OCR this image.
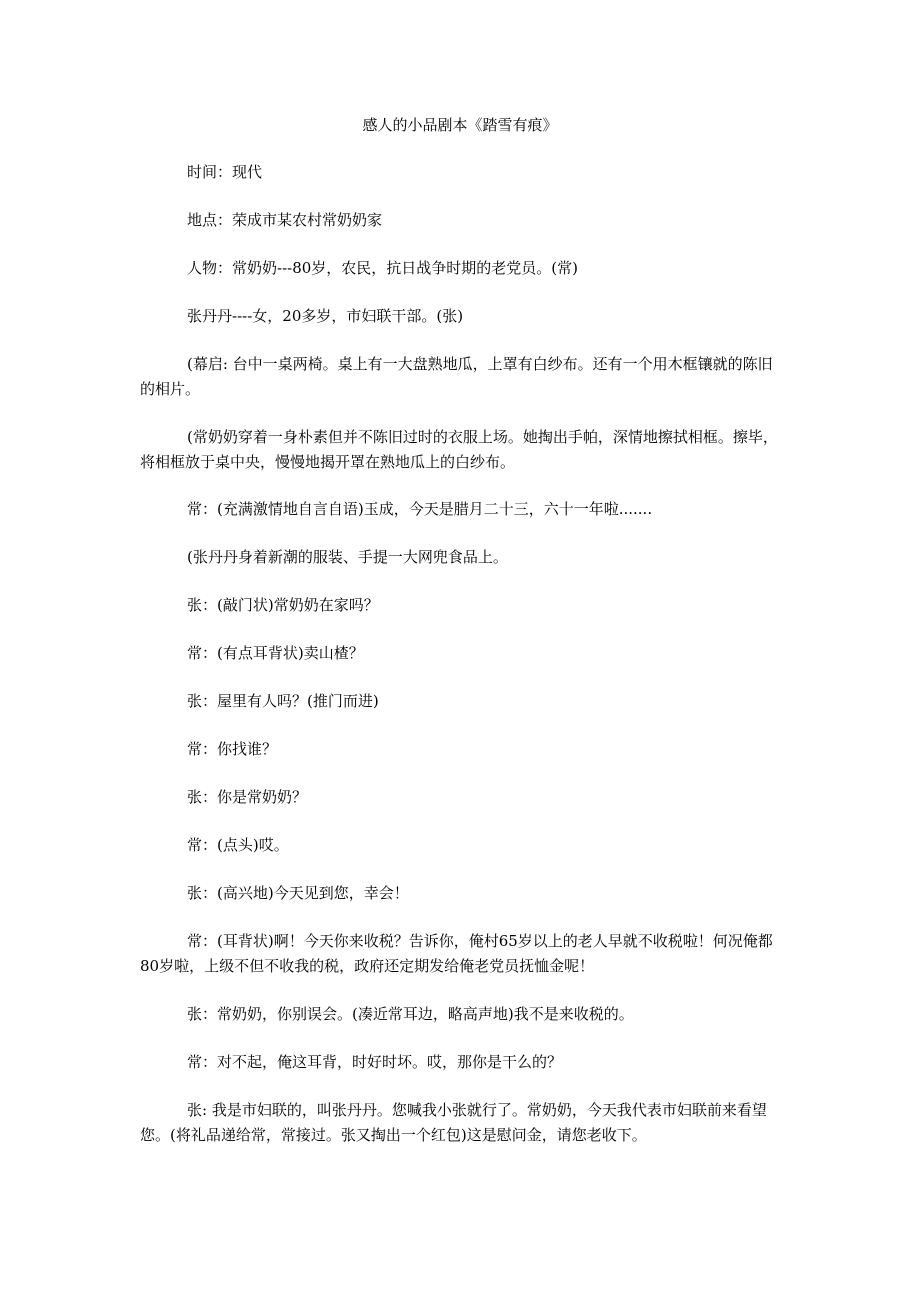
感人的小品剧本《踏雪有痕》

时间：现代

地点：荣成市某农村常奶奶家

人物：常奶奶---80岁，农民，抗日战争时期的老党员。(常)

张丹丹----女，20多岁，市妇联干部。(张)

(幕启: 台中一桌两椅。桌上有一大盘熟地瓜，上罩有白纱布。还有一个用木框镶就的陈旧的相片。

(常奶奶穿着一身朴素但并不陈旧过时的衣服上场。她掏出手帕，深情地擦拭相框。擦毕，将相框放于桌中央，慢慢地揭开罩在熟地瓜上的白纱布。

常：(充满激情地自言自语)玉成，今天是腊月二十三，六十一年啦.......

(张丹丹身着新潮的服装、手提一大网兜食品上。

张：(敲门状)常奶奶在家吗？

常：(有点耳背状)卖山楂？

张：屋里有人吗？(推门而进)

常：你找谁？

张：你是常奶奶？

常：(点头)哎。

张：(高兴地)今天见到您，幸会！

常：(耳背状)啊！今天你来收税？告诉你，俺村65岁以上的老人早就不收税啦！何况俺都80岁啦，上级不但不收我的税，政府还定期发给俺老党员抚恤金呢！

张：常奶奶，你别误会。(凑近常耳边，略高声地)我不是来收税的。

常：对不起，俺这耳背，时好时坏。哎，那你是干么的？

张: 我是市妇联的，叫张丹丹。您喊我小张就行了。常奶奶，今天我代表市妇联前来看望您。(将礼品递给常，常接过。张又掏出一个红包)这是慰问金，请您老收下。
